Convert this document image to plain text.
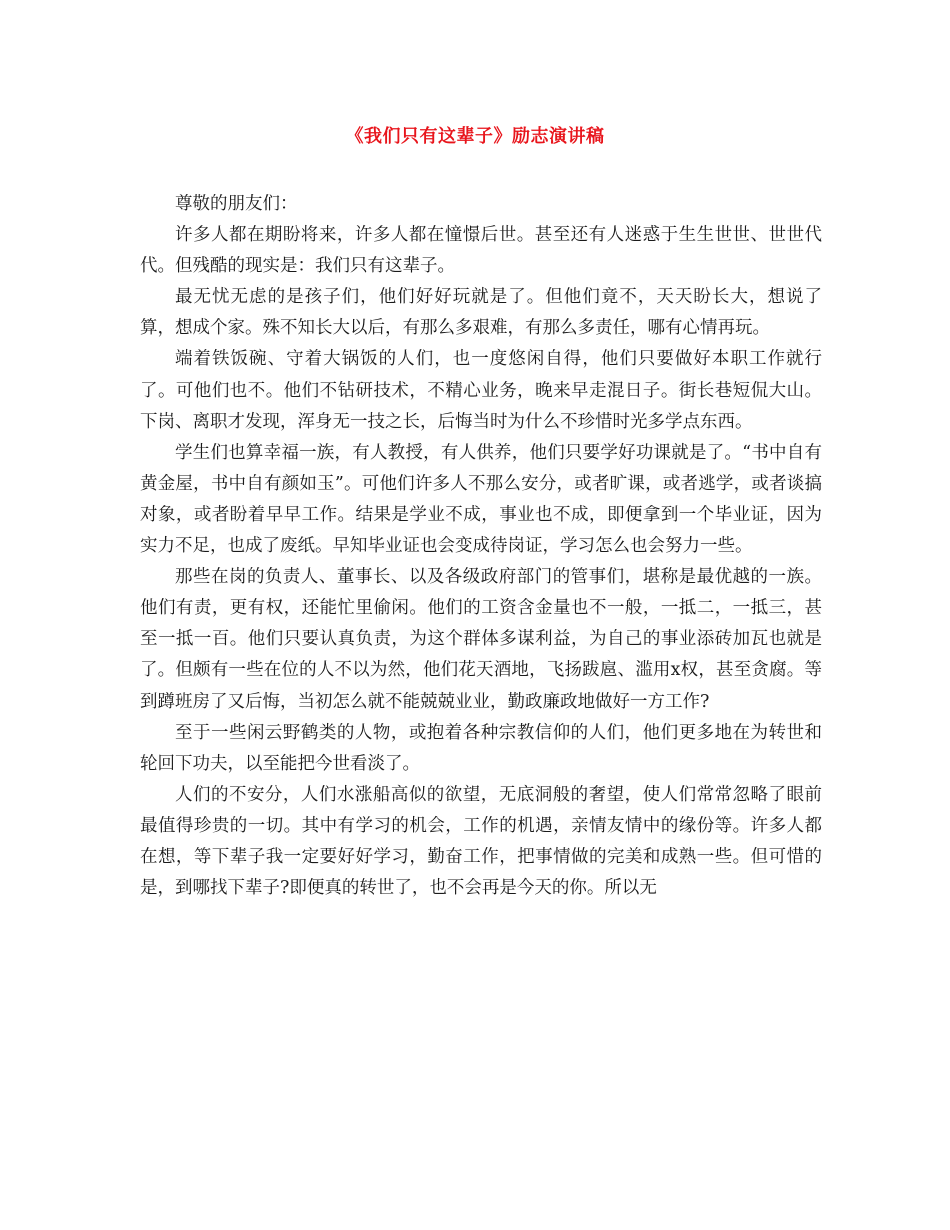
《我们只有这辈子》励志演讲稿

尊敬的朋友们：

许多人都在期盼将来，许多人都在憧憬后世。甚至还有人迷惑于生生世世、世世代代。但残酷的现实是：我们只有这辈子。

最无忧无虑的是孩子们，他们好好玩就是了。但他们竟不，天天盼长大，想说了算，想成个家。殊不知长大以后，有那么多艰难，有那么多责任，哪有心情再玩。

端着铁饭碗、守着大锅饭的人们，也一度悠闲自得，他们只要做好本职工作就行了。可他们也不。他们不钻研技术，不精心业务，晚来早走混日子。街长巷短侃大山。下岗、离职才发现，浑身无一技之长，后悔当时为什么不珍惜时光多学点东西。

学生们也算幸福一族，有人教授，有人供养，他们只要学好功课就是了。“书中自有黄金屋，书中自有颜如玉”。可他们许多人不那么安分，或者旷课，或者逃学，或者谈搞对象，或者盼着早早工作。结果是学业不成，事业也不成，即便拿到一个毕业证，因为实力不足，也成了废纸。早知毕业证也会变成待岗证，学习怎么也会努力一些。

那些在岗的负责人、董事长、以及各级政府部门的管事们，堪称是最优越的一族。他们有责，更有权，还能忙里偷闲。他们的工资含金量也不一般，一抵二，一抵三，甚至一抵一百。他们只要认真负责，为这个群体多谋利益，为自己的事业添砖加瓦也就是了。但颇有一些在位的人不以为然，他们花天酒地，飞扬跋扈、滥用x权，甚至贪腐。等到蹲班房了又后悔，当初怎么就不能兢兢业业，勤政廉政地做好一方工作?

至于一些闲云野鹤类的人物，或抱着各种宗教信仰的人们，他们更多地在为转世和轮回下功夫，以至能把今世看淡了。

人们的不安分，人们水涨船高似的欲望，无底洞般的奢望，使人们常常忽略了眼前最值得珍贵的一切。其中有学习的机会，工作的机遇，亲情友情中的缘份等。许多人都在想，等下辈子我一定要好好学习，勤奋工作，把事情做的完美和成熟一些。但可惜的是，到哪找下辈子?即便真的转世了，也不会再是今天的你。所以无
